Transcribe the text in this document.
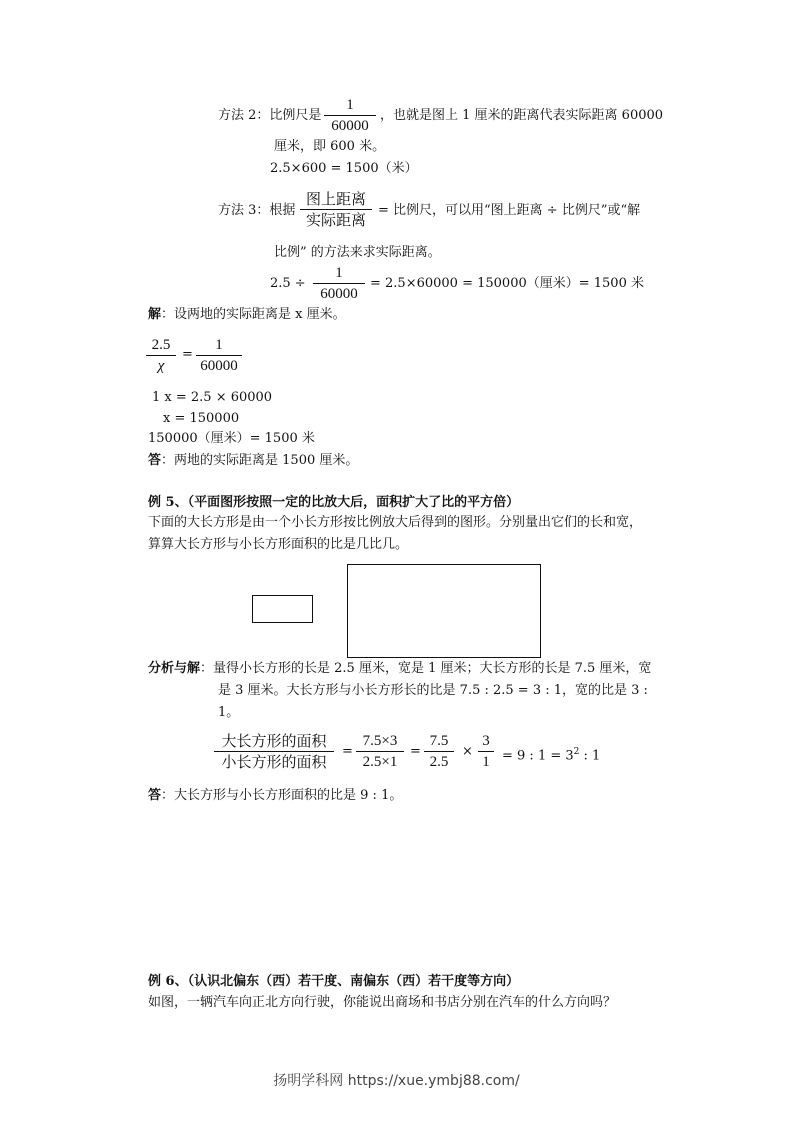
方法 2：比例尺是
1
60000
，也就是图上 1 厘米的距离代表实际距离 60000
厘米，即 600 米。
2.5×600 = 1500（米）
方法 3：根据
图上距离
实际距离
= 比例尺，可以用“图上距离 ÷ 比例尺”或“解
比例” 的方法来求实际距离。
2.5 ÷
1
60000
= 2.5×60000 = 150000（厘米）= 1500 米
解：设两地的实际距离是 x 厘米。
2.5
χ
=
1
60000
1 x = 2.5 × 60000
x = 150000
150000（厘米）= 1500 米
答：两地的实际距离是 1500 厘米。
例 5、（平面图形按照一定的比放大后，面积扩大了比的平方倍）
下面的大长方形是由一个小长方形按比例放大后得到的图形。分别量出它们的长和宽，
算算大长方形与小长方形面积的比是几比几。
分析与解：量得小长方形的长是 2.5 厘米，宽是 1 厘米；大长方形的长是 7.5 厘米，宽
是 3 厘米。大长方形与小长方形长的比是 7.5 : 2.5 = 3 : 1，宽的比是 3 :
1。
大长方形的面积
小长方形的面积
=
7.5×3
2.5×1
=
7.5
2.5
×
3
1 = 9 : $1 = 3^2$ : 1
答：大长方形与小长方形面积的比是 9 : 1。
例 6、（认识北偏东（西）若干度、南偏东（西）若干度等方向）
如图，一辆汽车向正北方向行驶，你能说出商场和书店分别在汽车的什么方向吗？
扬明学科网 https://xue.ymbj88.com/
